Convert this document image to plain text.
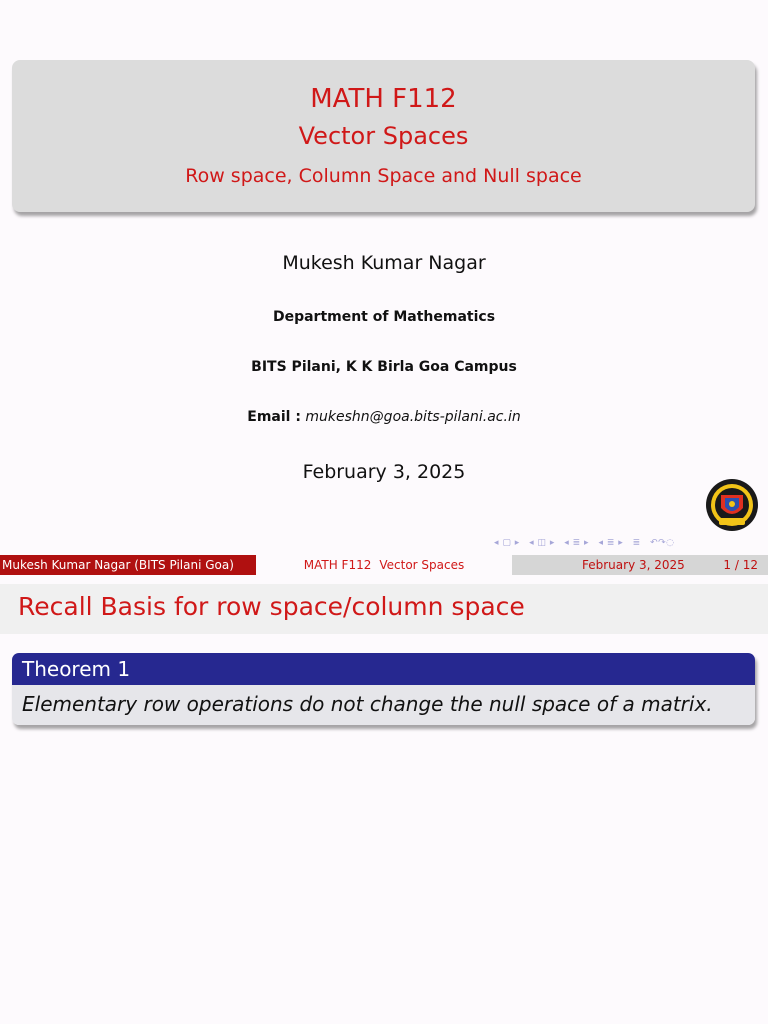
MATH F112
Vector Spaces
Row space, Column Space and Null space
Mukesh Kumar Nagar
Department of Mathematics
BITS Pilani, K K Birla Goa Campus
Email : mukeshn@goa.bits-pilani.ac.in
February 3, 2025
◂ ▢ ▸ ◂ ◫ ▸ ◂ ≣ ▸ ◂ ≣ ▸ ≣ ↶↷◌
Mukesh Kumar Nagar (BITS Pilani Goa)	MATH F112 Vector Spaces	February 3, 2025	1 / 12
Recall Basis for row space/column space
Theorem 1
Elementary row operations do not change the null space of a matrix.
